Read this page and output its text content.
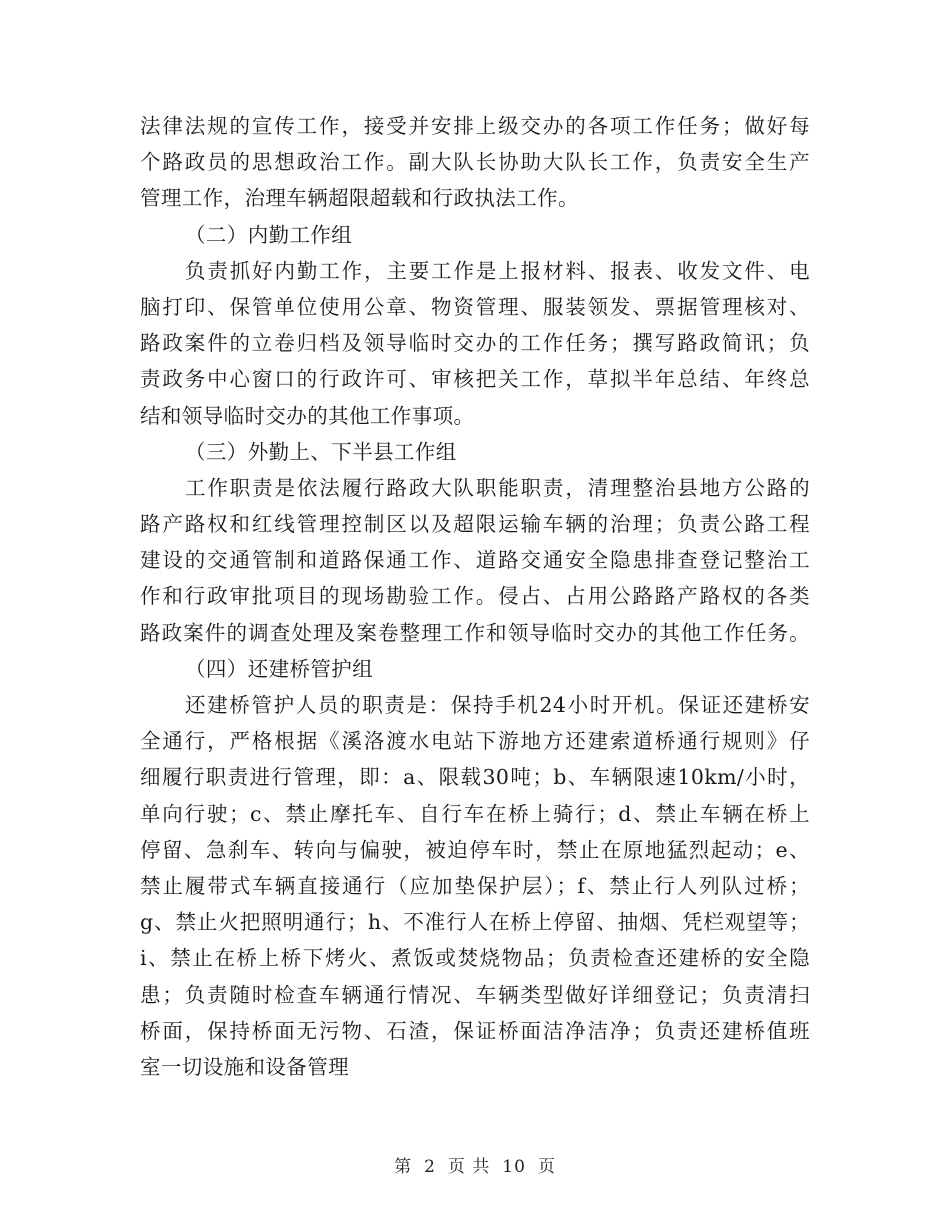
法律法规的宣传工作，接受并安排上级交办的各项工作任务；做好每
个路政员的思想政治工作。副大队长协助大队长工作，负责安全生产
管理工作，治理车辆超限超载和行政执法工作。
（二）内勤工作组
负责抓好内勤工作，主要工作是上报材料、报表、收发文件、电
脑打印、保管单位使用公章、物资管理、服装领发、票据管理核对、
路政案件的立卷归档及领导临时交办的工作任务；撰写路政简讯；负
责政务中心窗口的行政许可、审核把关工作，草拟半年总结、年终总
结和领导临时交办的其他工作事项。
（三）外勤上、下半县工作组
工作职责是依法履行路政大队职能职责，清理整治县地方公路的
路产路权和红线管理控制区以及超限运输车辆的治理；负责公路工程
建设的交通管制和道路保通工作、道路交通安全隐患排查登记整治工
作和行政审批项目的现场勘验工作。侵占、占用公路路产路权的各类
路政案件的调查处理及案卷整理工作和领导临时交办的其他工作任务。
（四）还建桥管护组
还建桥管护人员的职责是：保持手机24小时开机。保证还建桥安
全通行，严格根据《溪洛渡水电站下游地方还建索道桥通行规则》仔
细履行职责进行管理，即：a、限载30吨；b、车辆限速10km/小时，
单向行驶；c、禁止摩托车、自行车在桥上骑行；d、禁止车辆在桥上
停留、急刹车、转向与偏驶，被迫停车时，禁止在原地猛烈起动；e、
禁止履带式车辆直接通行（应加垫保护层）；f、禁止行人列队过桥；
g、禁止火把照明通行；h、不准行人在桥上停留、抽烟、凭栏观望等；
i、禁止在桥上桥下烤火、煮饭或焚烧物品；负责检查还建桥的安全隐
患；负责随时检查车辆通行情况、车辆类型做好详细登记；负责清扫
桥面，保持桥面无污物、石渣，保证桥面洁净洁净；负责还建桥值班
室一切设施和设备管理
第 2 页 共 10 页
